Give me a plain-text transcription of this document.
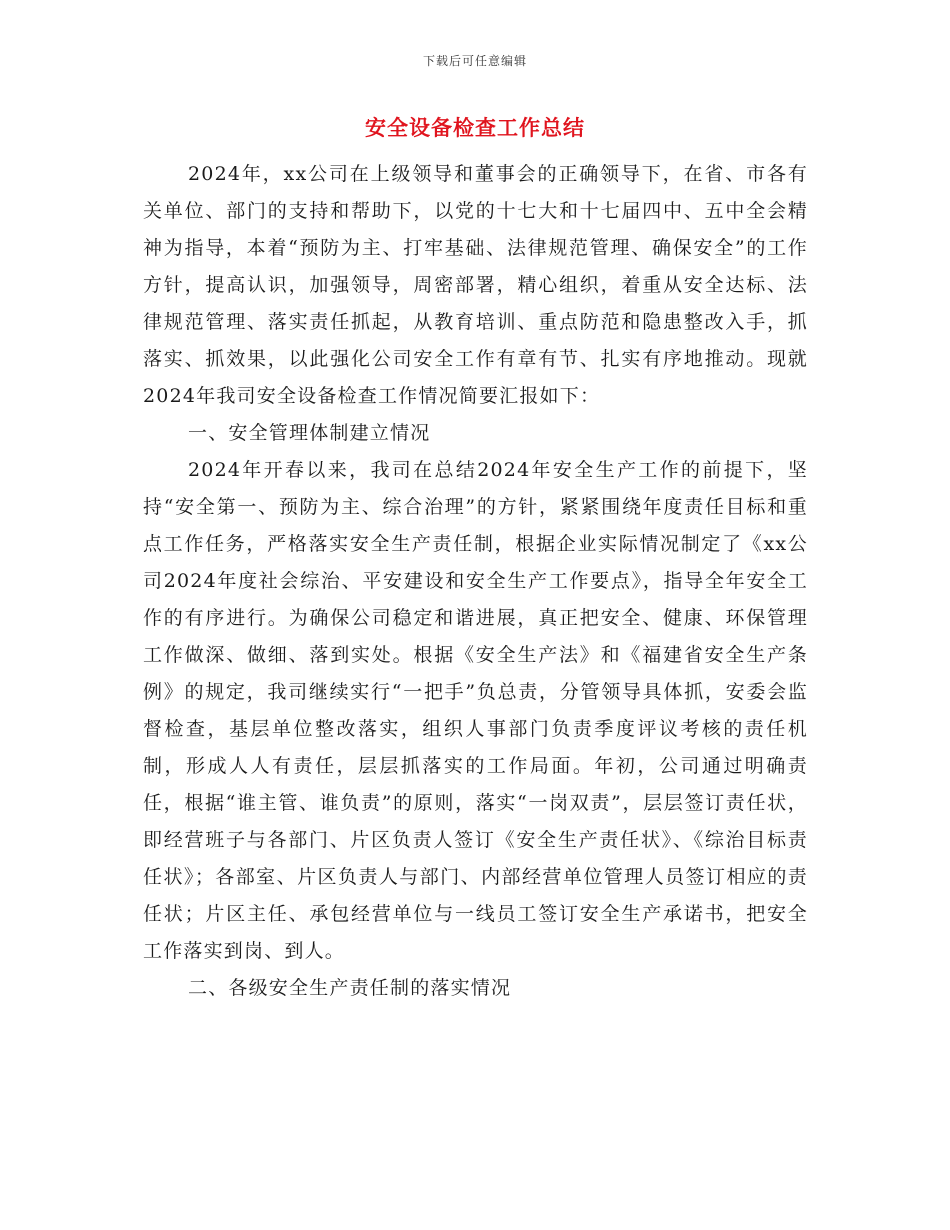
下载后可任意编辑
安全设备检查工作总结

2024年，xx公司在上级领导和董事会的正确领导下，在省、市各有关单位、部门的支持和帮助下，以党的十七大和十七届四中、五中全会精神为指导，本着“预防为主、打牢基础、法律规范管理、确保安全”的工作方针，提高认识，加强领导，周密部署，精心组织，着重从安全达标、法律规范管理、落实责任抓起，从教育培训、重点防范和隐患整改入手，抓落实、抓效果，以此强化公司安全工作有章有节、扎实有序地推动。现就2024年我司安全设备检查工作情况简要汇报如下：

一、安全管理体制建立情况

2024年开春以来，我司在总结2024年安全生产工作的前提下，坚持“安全第一、预防为主、综合治理”的方针，紧紧围绕年度责任目标和重点工作任务，严格落实安全生产责任制，根据企业实际情况制定了《xx公司2024年度社会综治、平安建设和安全生产工作要点》，指导全年安全工作的有序进行。为确保公司稳定和谐进展，真正把安全、健康、环保管理工作做深、做细、落到实处。根据《安全生产法》和《福建省安全生产条例》的规定，我司继续实行“一把手”负总责，分管领导具体抓，安委会监督检查，基层单位整改落实，组织人事部门负责季度评议考核的责任机制，形成人人有责任，层层抓落实的工作局面。年初，公司通过明确责任，根据“谁主管、谁负责”的原则，落实“一岗双责”，层层签订责任状，即经营班子与各部门、片区负责人签订《安全生产责任状》、《综治目标责任状》；各部室、片区负责人与部门、内部经营单位管理人员签订相应的责任状；片区主任、承包经营单位与一线员工签订安全生产承诺书，把安全工作落实到岗、到人。

二、各级安全生产责任制的落实情况
